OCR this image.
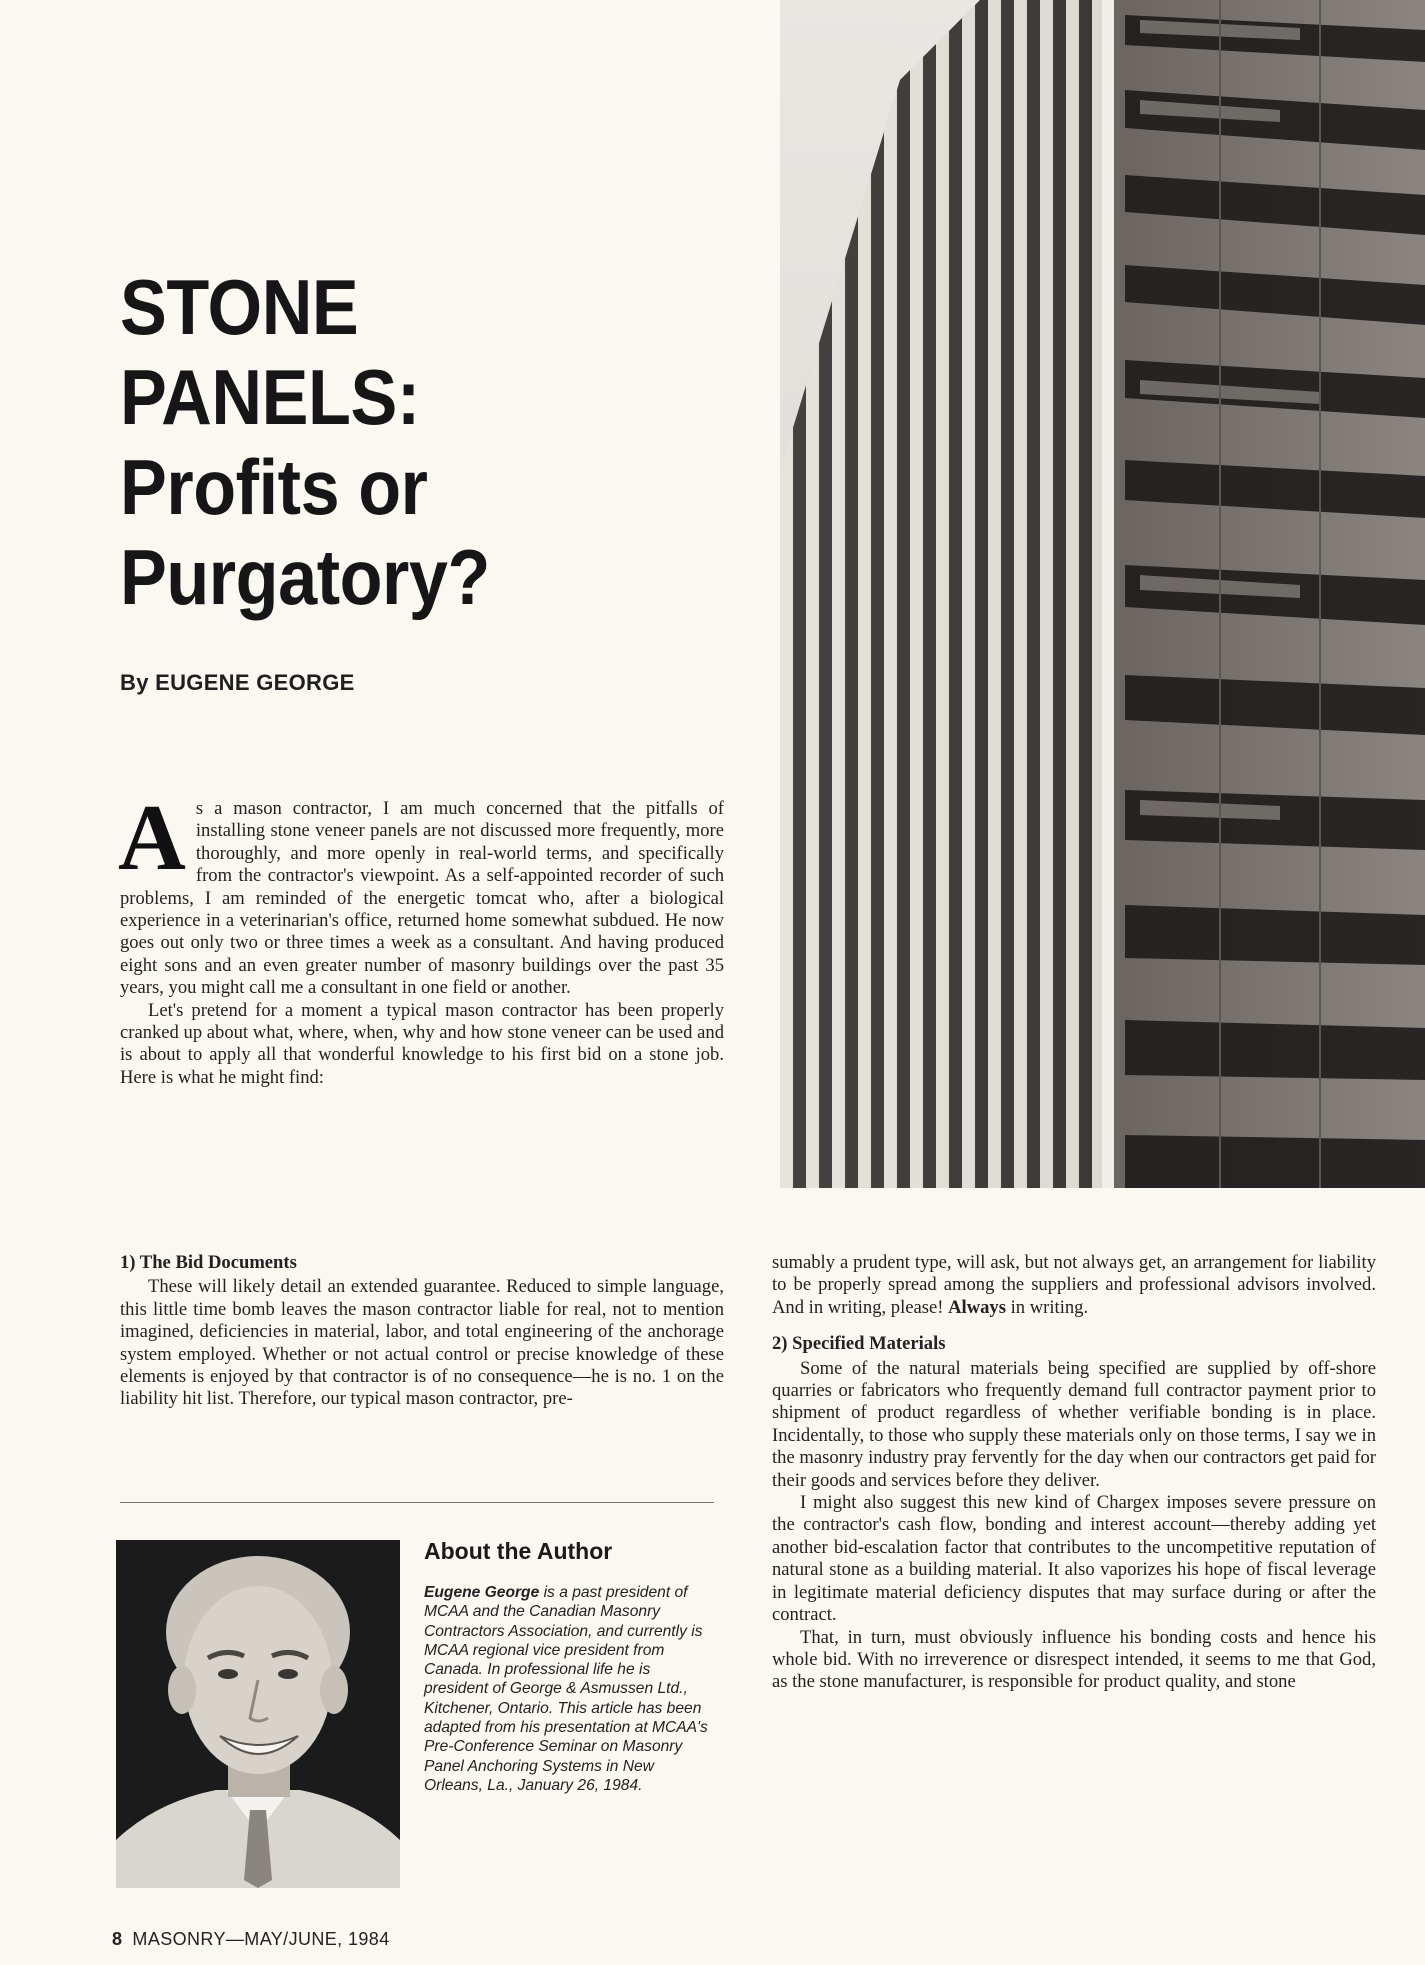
STONE
PANELS:
Profits or
Purgatory?
By EUGENE GEORGE

As a mason contractor, I am much concerned that the pitfalls of installing stone veneer panels are not discussed more frequently, more thoroughly, and more openly in real-world terms, and specifically from the contractor's viewpoint. As a self-appointed recorder of such problems, I am reminded of the energetic tomcat who, after a biological experience in a veterinarian's office, returned home somewhat subdued. He now goes out only two or three times a week as a consultant. And having produced eight sons and an even greater number of masonry buildings over the past 35 years, you might call me a consultant in one field or another.

Let's pretend for a moment a typical mason contractor has been properly cranked up about what, where, when, why and how stone veneer can be used and is about to apply all that wonderful knowledge to his first bid on a stone job. Here is what he might find:

1) The Bid Documents

These will likely detail an extended guarantee. Reduced to simple language, this little time bomb leaves the mason contractor liable for real, not to mention imagined, deficiencies in material, labor, and total engineering of the anchorage system employed. Whether or not actual control or precise knowledge of these elements is enjoyed by that contractor is of no consequence—he is no. 1 on the liability hit list. Therefore, our typical mason contractor, pre-

sumably a prudent type, will ask, but not always get, an arrangement for liability to be properly spread among the suppliers and professional advisors involved. And in writing, please! Always in writing.

2) Specified Materials

Some of the natural materials being specified are supplied by off-shore quarries or fabricators who frequently demand full contractor payment prior to shipment of product regardless of whether verifiable bonding is in place. Incidentally, to those who supply these materials only on those terms, I say we in the masonry industry pray fervently for the day when our contractors get paid for their goods and services before they deliver.

I might also suggest this new kind of Chargex imposes severe pressure on the contractor's cash flow, bonding and interest account—thereby adding yet another bid-escalation factor that contributes to the uncompetitive reputation of natural stone as a building material. It also vaporizes his hope of fiscal leverage in legitimate material deficiency disputes that may surface during or after the contract.

That, in turn, must obviously influence his bonding costs and hence his whole bid. With no irreverence or disrespect intended, it seems to me that God, as the stone manufacturer, is responsible for product quality, and stone

About the Author
Eugene George is a past president of MCAA and the Canadian Masonry Contractors Association, and currently is MCAA regional vice president from Canada. In professional life he is president of George & Asmussen Ltd., Kitchener, Ontario. This article has been adapted from his presentation at MCAA's Pre-Conference Seminar on Masonry Panel Anchoring Systems in New Orleans, La., January 26, 1984.
8 MASONRY—MAY/JUNE, 1984
